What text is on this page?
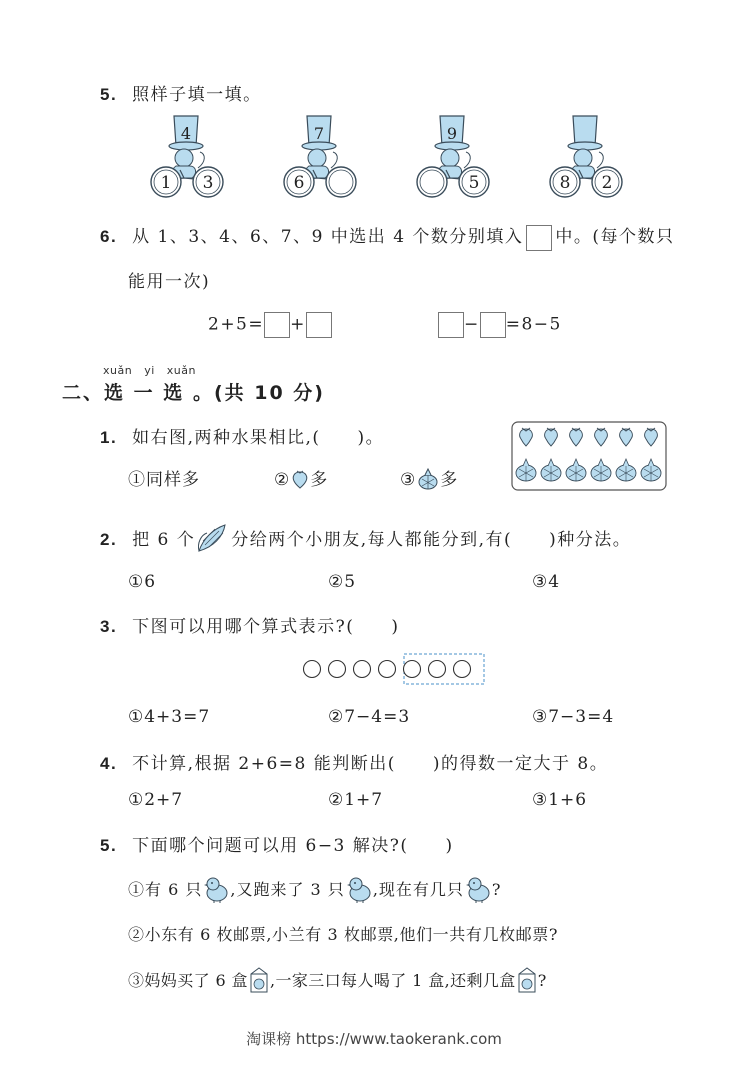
5. 照样子填一填。
4
1 3
7
6
9
5	8 2
6. 从 1、3、4、6、7、9 中选出 4 个数分别填入 中。(每个数只
能用一次)
2+5= +	− =8−5
xuǎn yi xuǎn
二、选 一 选 。(共 10 分)
1. 如右图,两种水果相比,(　　)。
①同样多	② 多	③ 多
2. 把 6 个 分给两个小朋友,每人都能分到,有(　　)种分法。
①6	②5	③4
3. 下图可以用哪个算式表示?(　　)
①4+3=7	②7−4=3	③7−3=4
4. 不计算,根据 2+6=8 能判断出(　　)的得数一定大于 8。
①2+7	②1+7	③1+6
5. 下面哪个问题可以用 6−3 解决?(　　)
①有 6 只 ,又跑来了 3 只 ,现在有几只 ?
②小东有 6 枚邮票,小兰有 3 枚邮票,他们一共有几枚邮票?
③妈妈买了 6 盒 ,一家三口每人喝了 1 盒,还剩几盒 ?
淘课榜 https://www.taokerank.com
